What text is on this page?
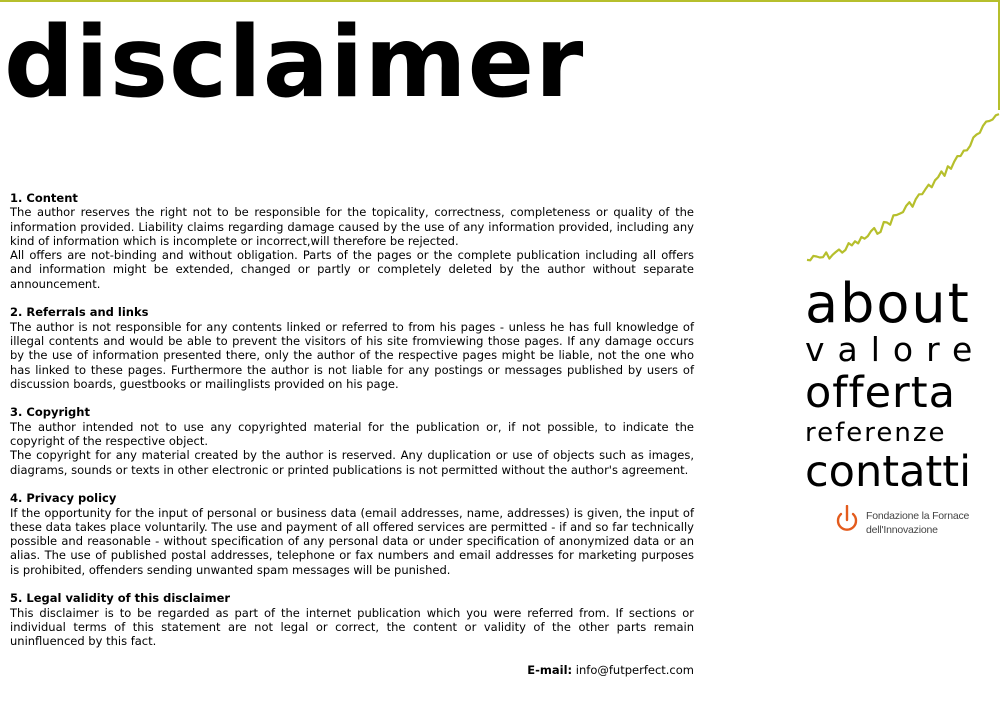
disclaimer
1. Content

The author reserves the right not to be responsible for the topicality, correctness, completeness or quality of the information provided. Liability claims regarding damage caused by the use of any information provided, including any kind of information which is incomplete or incorrect,will therefore be rejected.

All offers are not-binding and without obligation. Parts of the pages or the complete publication including all offers and information might be extended, changed or partly or completely deleted by the author without separate announcement.

2. Referrals and links

The author is not responsible for any contents linked or referred to from his pages - unless he has full knowledge of illegal contents and would be able to prevent the visitors of his site fromviewing those pages. If any damage occurs by the use of information presented there, only the author of the respective pages might be liable, not the one who has linked to these pages. Furthermore the author is not liable for any postings or messages published by users of discussion boards, guestbooks or mailinglists provided on his page.

3. Copyright

The author intended not to use any copyrighted material for the publication or, if not possible, to indicate the copyright of the respective object.

The copyright for any material created by the author is reserved. Any duplication or use of objects such as images, diagrams, sounds or texts in other electronic or printed publications is not permitted without the author's agreement.

4. Privacy policy

If the opportunity for the input of personal or business data (email addresses, name, addresses) is given, the input of these data takes place voluntarily. The use and payment of all offered services are permitted - if and so far technically possible and reasonable - without specification of any personal data or under specification of anonymized data or an alias. The use of published postal addresses, telephone or fax numbers and email addresses for marketing purposes is prohibited, offenders sending unwanted spam messages will be punished.

5. Legal validity of this disclaimer

This disclaimer is to be regarded as part of the internet publication which you were referred from. If sections or individual terms of this statement are not legal or correct, the content or validity of the other parts remain uninfluenced by this fact.

E-mail: info@futperfect.com
about
valore
offerta
referenze
contatti
Fondazione la Fornace
dell'Innovazione
